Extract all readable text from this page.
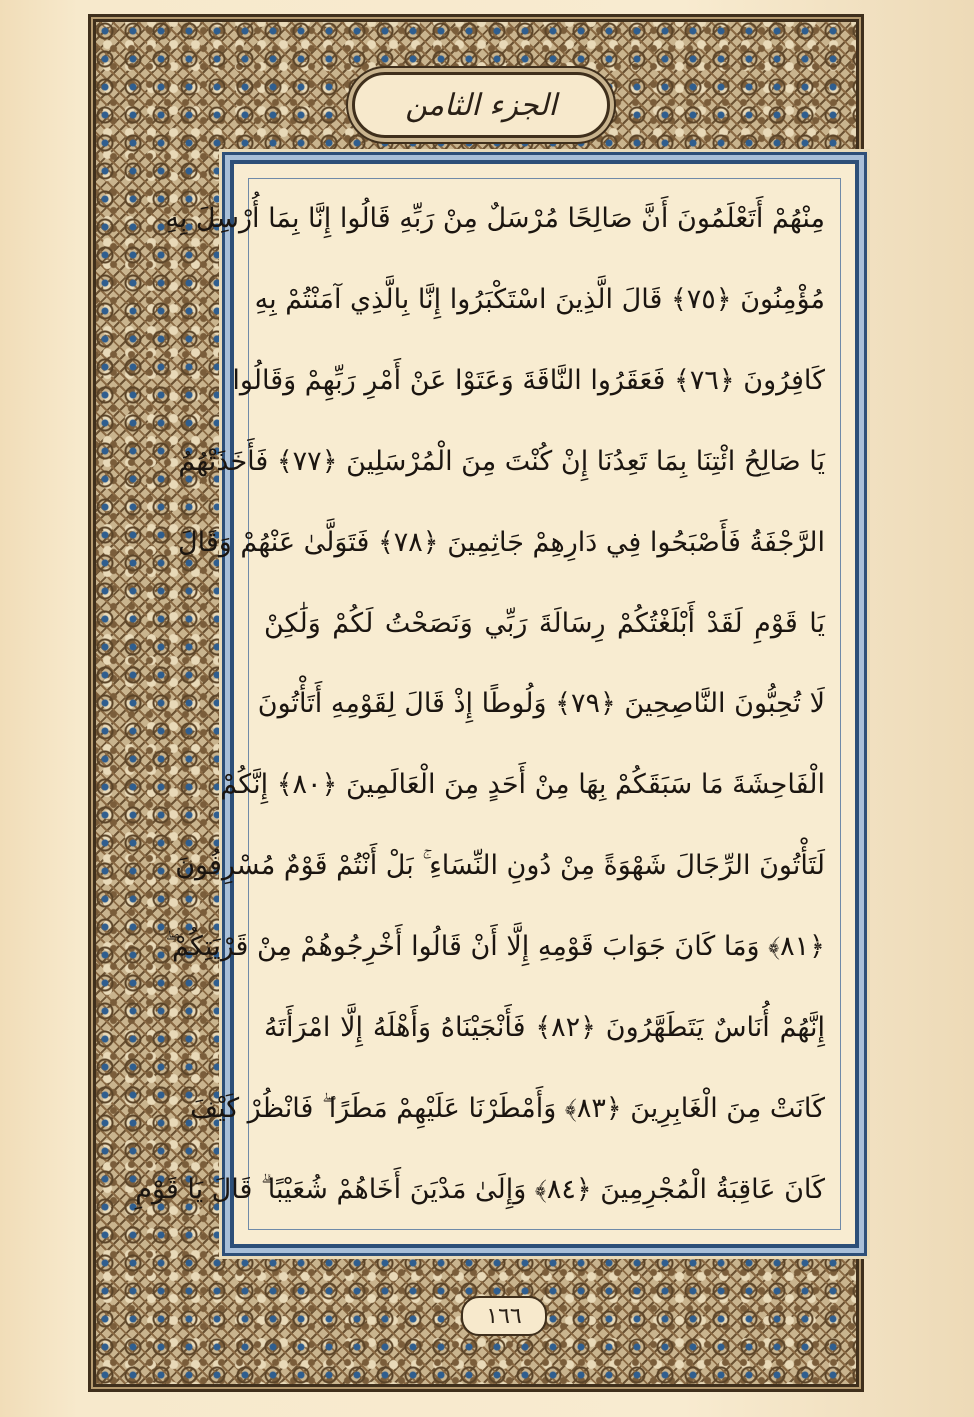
الجزء الثامن
مِنْهُمْ أَتَعْلَمُونَ أَنَّ صَالِحًا مُرْسَلٌ مِنْ رَبِّهِ قَالُوا إِنَّا بِمَا أُرْسِلَ بِهِ
مُؤْمِنُونَ ﴿٧٥﴾ قَالَ الَّذِينَ اسْتَكْبَرُوا إِنَّا بِالَّذِي آمَنْتُمْ بِهِ
كَافِرُونَ ﴿٧٦﴾ فَعَقَرُوا النَّاقَةَ وَعَتَوْا عَنْ أَمْرِ رَبِّهِمْ وَقَالُوا
يَا صَالِحُ ائْتِنَا بِمَا تَعِدُنَا إِنْ كُنْتَ مِنَ الْمُرْسَلِينَ ﴿٧٧﴾ فَأَخَذَتْهُمُ
الرَّجْفَةُ فَأَصْبَحُوا فِي دَارِهِمْ جَاثِمِينَ ﴿٧٨﴾ فَتَوَلَّىٰ عَنْهُمْ وَقَالَ
يَا قَوْمِ لَقَدْ أَبْلَغْتُكُمْ رِسَالَةَ رَبِّي وَنَصَحْتُ لَكُمْ وَلَٰكِنْ
لَا تُحِبُّونَ النَّاصِحِينَ ﴿٧٩﴾ وَلُوطًا إِذْ قَالَ لِقَوْمِهِ أَتَأْتُونَ
الْفَاحِشَةَ مَا سَبَقَكُمْ بِهَا مِنْ أَحَدٍ مِنَ الْعَالَمِينَ ﴿٨٠﴾ إِنَّكُمْ
لَتَأْتُونَ الرِّجَالَ شَهْوَةً مِنْ دُونِ النِّسَاءِ ۚ بَلْ أَنْتُمْ قَوْمٌ مُسْرِفُونَ
﴿٨١﴾ وَمَا كَانَ جَوَابَ قَوْمِهِ إِلَّا أَنْ قَالُوا أَخْرِجُوهُمْ مِنْ قَرْيَتِكُمْ ۖ
إِنَّهُمْ أُنَاسٌ يَتَطَهَّرُونَ ﴿٨٢﴾ فَأَنْجَيْنَاهُ وَأَهْلَهُ إِلَّا امْرَأَتَهُ
كَانَتْ مِنَ الْغَابِرِينَ ﴿٨٣﴾ وَأَمْطَرْنَا عَلَيْهِمْ مَطَرًا ۖ فَانْظُرْ كَيْفَ
كَانَ عَاقِبَةُ الْمُجْرِمِينَ ﴿٨٤﴾ وَإِلَىٰ مَدْيَنَ أَخَاهُمْ شُعَيْبًا ۗ قَالَ يَا قَوْمِ
١٦٦
